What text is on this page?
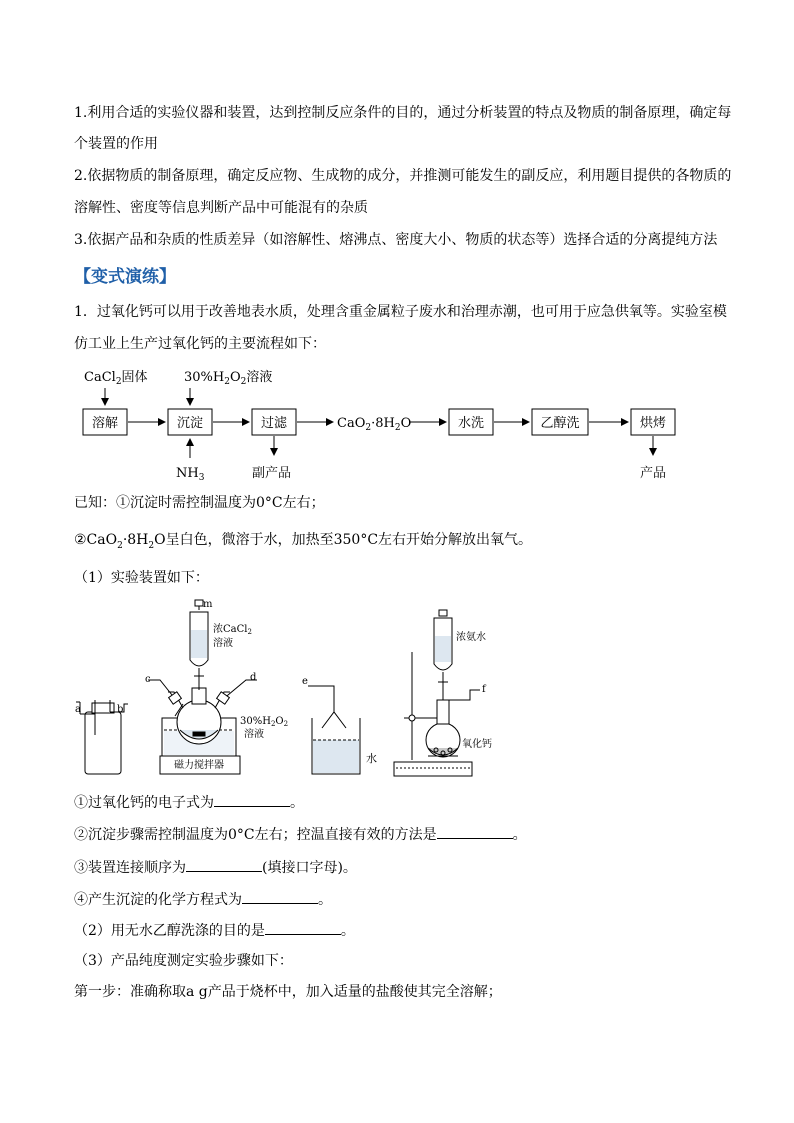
1.利用合适的实验仪器和装置，达到控制反应条件的目的，通过分析装置的特点及物质的制备原理，确定每
个装置的作用
2.依据物质的制备原理，确定反应物、生成物的成分，并推测可能发生的副反应，利用题目提供的各物质的
溶解性、密度等信息判断产品中可能混有的杂质
3.依据产品和杂质的性质差异（如溶解性、熔沸点、密度大小、物质的状态等）选择合适的分离提纯方法
【变式演练】
1．过氧化钙可以用于改善地表水质，处理含重金属粒子废水和治理赤潮，也可用于应急供氧等。实验室模
仿工业上生产过氧化钙的主要流程如下：
CaCl$_2$固体	$30\%H_2O_2$溶液
溶解	沉淀	过滤	$CaO_2\cdot 8H_2O$	水洗	乙醇洗	烘烤
$NH_3$	副产品	产品
已知：①沉淀时需控制温度为0°C左右；
$②CaO_2\cdot 8H_2O$呈白色，微溶于水，加热至350°C左右开始分解放出氧气。
（1）实验装置如下：
a	b
m
浓CaCl$_2$
溶液
c	d
$30\%H_2O_2$
溶液
磁力搅拌器
e
水
浓氨水
f
氧化钙
①过氧化钙的电子式为	。
②沉淀步骤需控制温度为0°C左右；控温直接有效的方法是	。
③装置连接顺序为	(填接口字母)。
④产生沉淀的化学方程式为	。
（2）用无水乙醇洗涤的目的是	。
（3）产品纯度测定实验步骤如下：
第一步：准确称取a g产品于烧杯中，加入适量的盐酸使其完全溶解；
